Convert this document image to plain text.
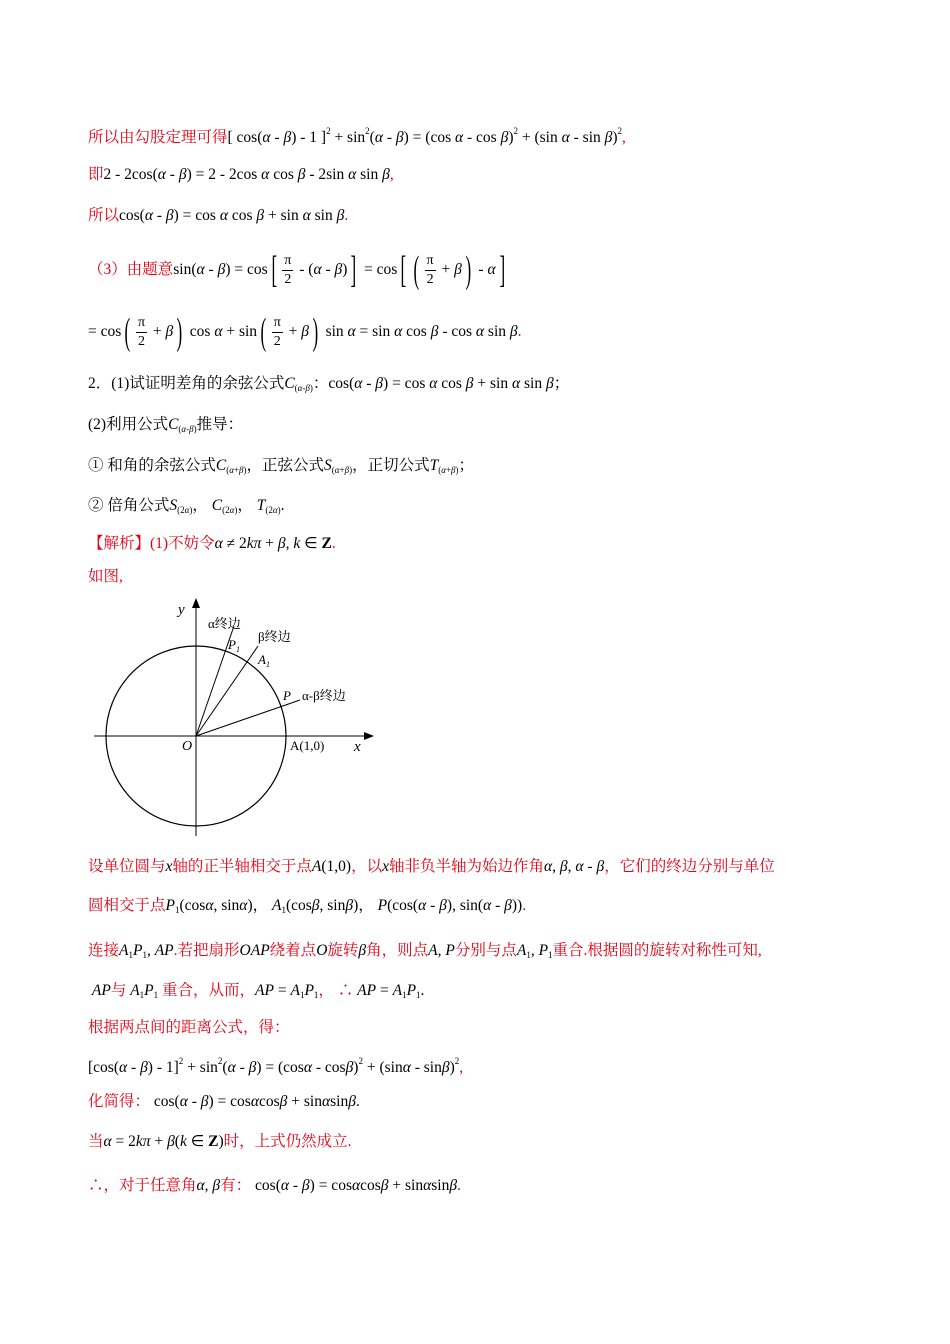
所以由勾股定理可得[ cos(α - β) - 1 ]$^2 + \sin^2(\alpha - \beta) = (\cos$ α - cos β)$^2$ + (sin α - sin β)$^2$,
即2 - 2cos(α - β) = 2 - 2cos α cos β - 2sin α sin β,
所以cos(α - β) = cos α cos β + sin α sin β.
（3）由题意$\sin(\alpha - \beta) = \cos[ \frac{\pi}{2} - (\alpha - \beta)] = \cos$[ ( $\frac{\pi}{2} + \beta) - \alpha$]
= $\cos( \frac{\pi}{2} + \beta)$ $\cos \alpha + \sin( \frac{\pi}{2} + \beta)$ sin α = sin α cos β - cos α sin β.
2．(1)试证明差角的余弦公式$C_{(\alpha-\beta)}$：cos(α - β) = cos α cos β + sin α sin β；
(2)利用公式$C_{(\alpha-\beta)}$推导：
① 和角的余弦公式$C_{(\alpha+\beta)}$，正弦公式$S_{(\alpha+\beta)}$，正切公式$T_{(\alpha+\beta)}$；
② 倍角公式$S_{(2\alpha)}$， $C_{(2\alpha)}$， $T_{(2\alpha)}$.
【解析】(1)不妨令α ≠ 2kπ + β, k ∈ Z.
如图,
y
x
O
α终边
β终边
α-β终边
$P_1$
$A_1$
P
A(1,0)
设单位圆与x轴的正半轴相交于点A(1,0)，以x轴非负半轴为始边作角α, β, α - β，它们的终边分别与单位
圆相交于点$P_1(\cos\alpha$, sinα)， $A_1(\cos\beta$, sinβ)， P(cos(α - β), sin(α - β)).
连接$A_1P_1$, AP.若把扇形OAP绕着点O旋转β角，则点A, P分别与点$A_1$, $P_1$重合.根据圆的旋转对称性可知,
AP与 $A_1P_1$ 重合，从而，AP = $A_1P_1$， ∴ AP = $A_1P_1$.
根据两点间的距离公式，得：
$[\cos(\alpha - \beta) - 1]^2 + \sin^2(\alpha - \beta) = (\cos\alpha - \cos\beta)^2 + (\sin\alpha - \sin\beta)^2$,
化简得： cos(α - β) = cosαcosβ + sinαsinβ.
当α = 2kπ + β(k ∈ Z)时，上式仍然成立.
∴，对于任意角α, β有： cos(α - β) = cosαcosβ + sinαsinβ.
